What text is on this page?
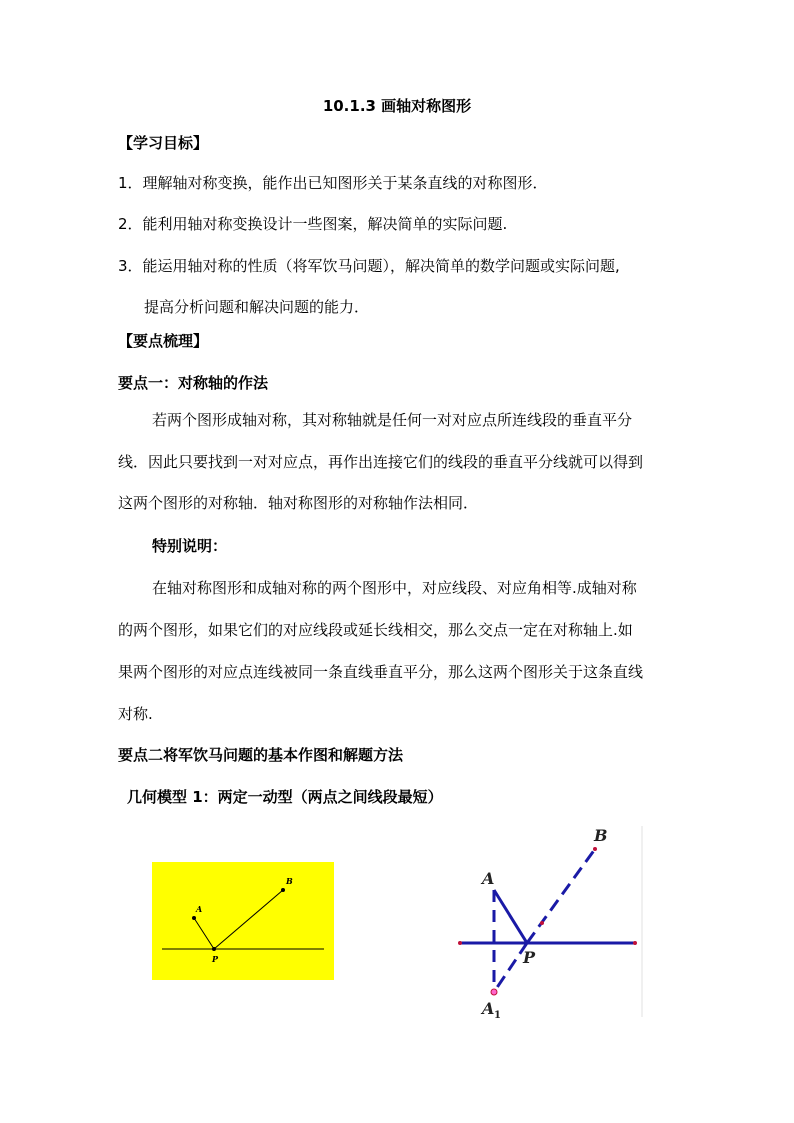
10.1.3 画轴对称图形
【学习目标】
1．理解轴对称变换，能作出已知图形关于某条直线的对称图形．
2．能利用轴对称变换设计一些图案，解决简单的实际问题.
3．能运用轴对称的性质（将军饮马问题），解决简单的数学问题或实际问题,
提高分析问题和解决问题的能力．
【要点梳理】
要点一：对称轴的作法
若两个图形成轴对称，其对称轴就是任何一对对应点所连线段的垂直平分
线．因此只要找到一对对应点，再作出连接它们的线段的垂直平分线就可以得到
这两个图形的对称轴．轴对称图形的对称轴作法相同．
特别说明：
在轴对称图形和成轴对称的两个图形中，对应线段、对应角相等.成轴对称
的两个图形，如果它们的对应线段或延长线相交，那么交点一定在对称轴上.如
果两个图形的对应点连线被同一条直线垂直平分，那么这两个图形关于这条直线
对称.
要点二将军饮马问题的基本作图和解题方法
几何模型 1：两定一动型（两点之间线段最短）
A
B
P
A
B
P
A 1
